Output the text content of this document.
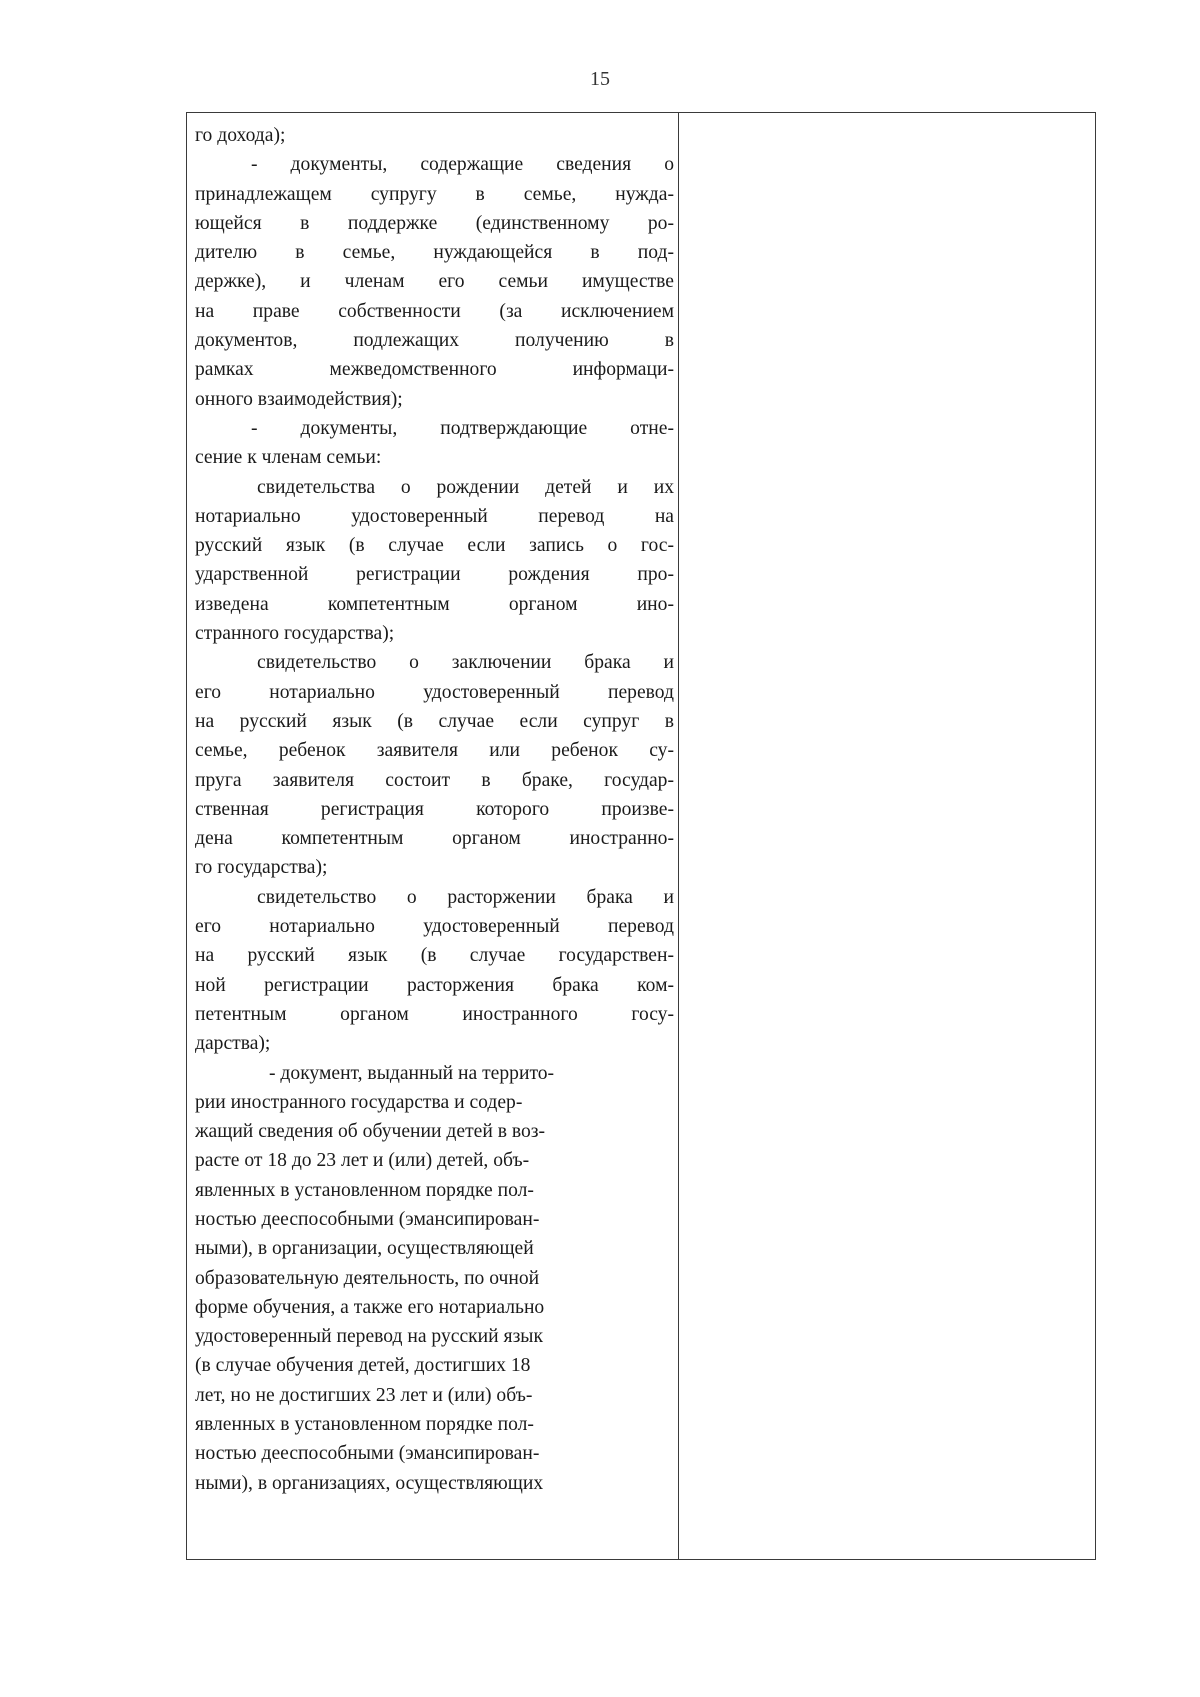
15
го дохода);
- документы, содержащие сведения о
принадлежащем супругу в семье, нужда-
ющейся в поддержке (единственному ро-
дителю в семье, нуждающейся в под-
держке), и членам его семьи имуществе
на праве собственности (за исключением
документов, подлежащих получению в
рамках межведомственного информаци-
онного взаимодействия);
- документы, подтверждающие отне-
сение к членам семьи:
свидетельства о рождении детей и их
нотариально удостоверенный перевод на
русский язык (в случае если запись о гос-
ударственной регистрации рождения про-
изведена компетентным органом ино-
странного государства);
свидетельство о заключении брака и
его нотариально удостоверенный перевод
на русский язык (в случае если супруг в
семье, ребенок заявителя или ребенок су-
пруга заявителя состоит в браке, государ-
ственная регистрация которого произве-
дена компетентным органом иностранно-
го государства);
свидетельство о расторжении брака и
его нотариально удостоверенный перевод
на русский язык (в случае государствен-
ной регистрации расторжения брака ком-
петентным органом иностранного госу-
дарства);
- документ, выданный на террито-
рии иностранного государства и содер-
жащий сведения об обучении детей в воз-
расте от 18 до 23 лет и (или) детей, объ-
явленных в установленном порядке пол-
ностью дееспособными (эмансипирован-
ными), в организации, осуществляющей
образовательную деятельность, по очной
форме обучения, а также его нотариально
удостоверенный перевод на русский язык
(в случае обучения детей, достигших 18
лет, но не достигших 23 лет и (или) объ-
явленных в установленном порядке пол-
ностью дееспособными (эмансипирован-
ными), в организациях, осуществляющих
